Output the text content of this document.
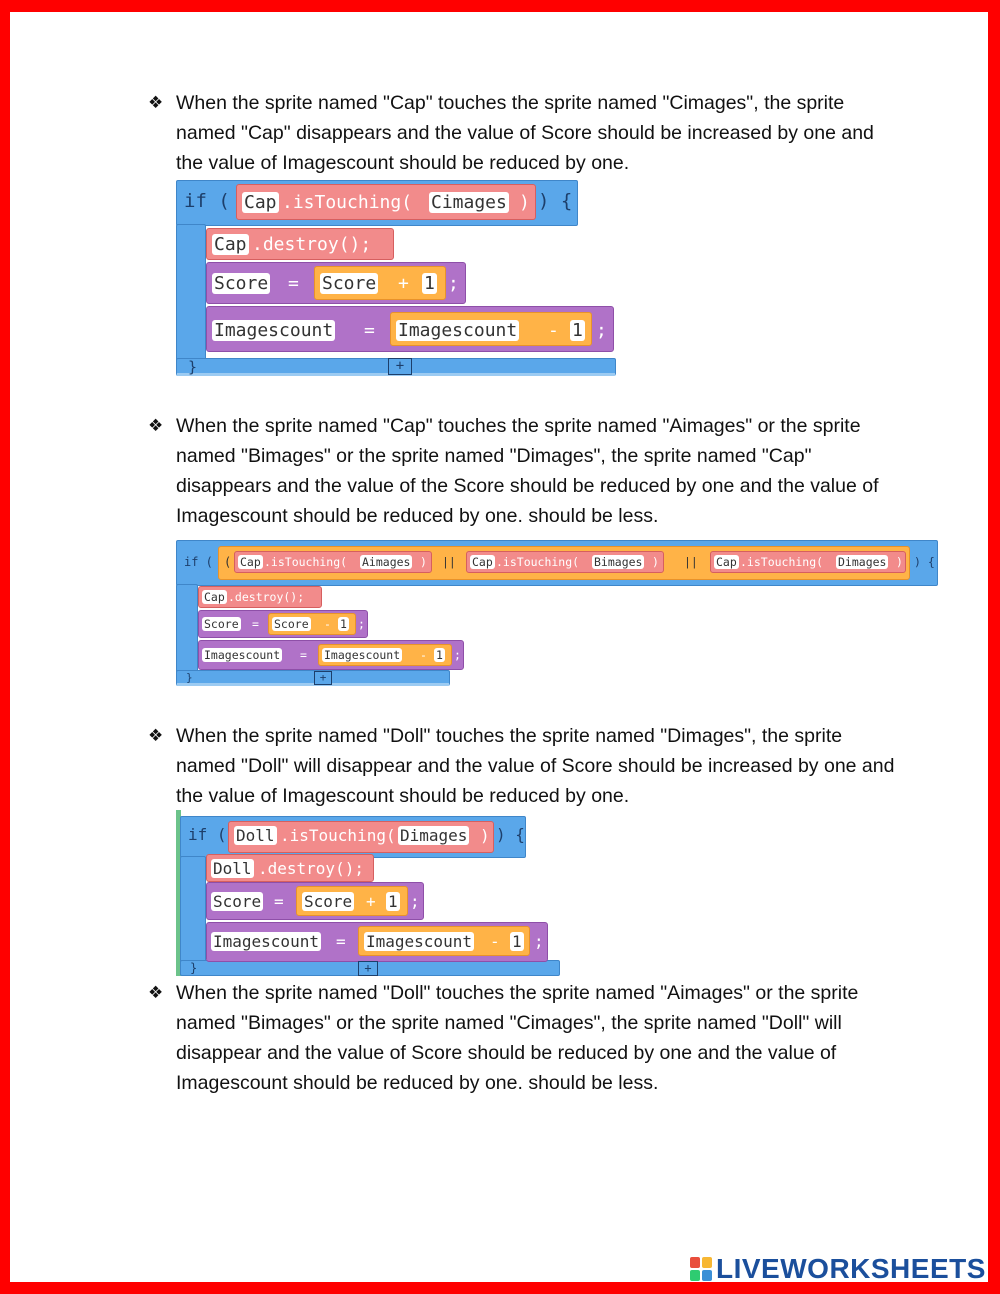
❖ When the sprite named "Cap" touches the sprite named "Cimages", the sprite named "Cap" disappears and the value of Score should be increased by one and the value of Imagescount should be reduced by one.
if ( Cap .isTouching( Cimages ) ) {
Cap .destroy();
Score = Score + 1 ;
Imagescount = Imagescount - 1 ;
}	+
❖ When the sprite named "Cap" touches the sprite named "Aimages" or the sprite named "Bimages" or the sprite named "Dimages", the sprite named "Cap" disappears and the value of the Score should be reduced by one and the value of Imagescount should be reduced by one. should be less.
if ( ( Cap .isTouching( Aimages ) || Cap .isTouching( Bimages ) || Cap .isTouching( Dimages ) ) {
Cap .destroy();
Score = Score - 1 ;
Imagescount = Imagescount - 1 ;
}	+
❖ When the sprite named "Doll" touches the sprite named "Dimages", the sprite named "Doll" will disappear and the value of Score should be increased by one and the value of Imagescount should be reduced by one.
if ( Doll .isTouching( Dimages ) ) {
Doll .destroy();
Score = Score + 1 ;
Imagescount = Imagescount - 1 ;
}	+
❖ When the sprite named "Doll" touches the sprite named "Aimages" or the sprite named "Bimages" or the sprite named "Cimages", the sprite named "Doll" will disappear and the value of Score should be reduced by one and the value of Imagescount should be reduced by one. should be less.
LIVEWORKSHEETS
